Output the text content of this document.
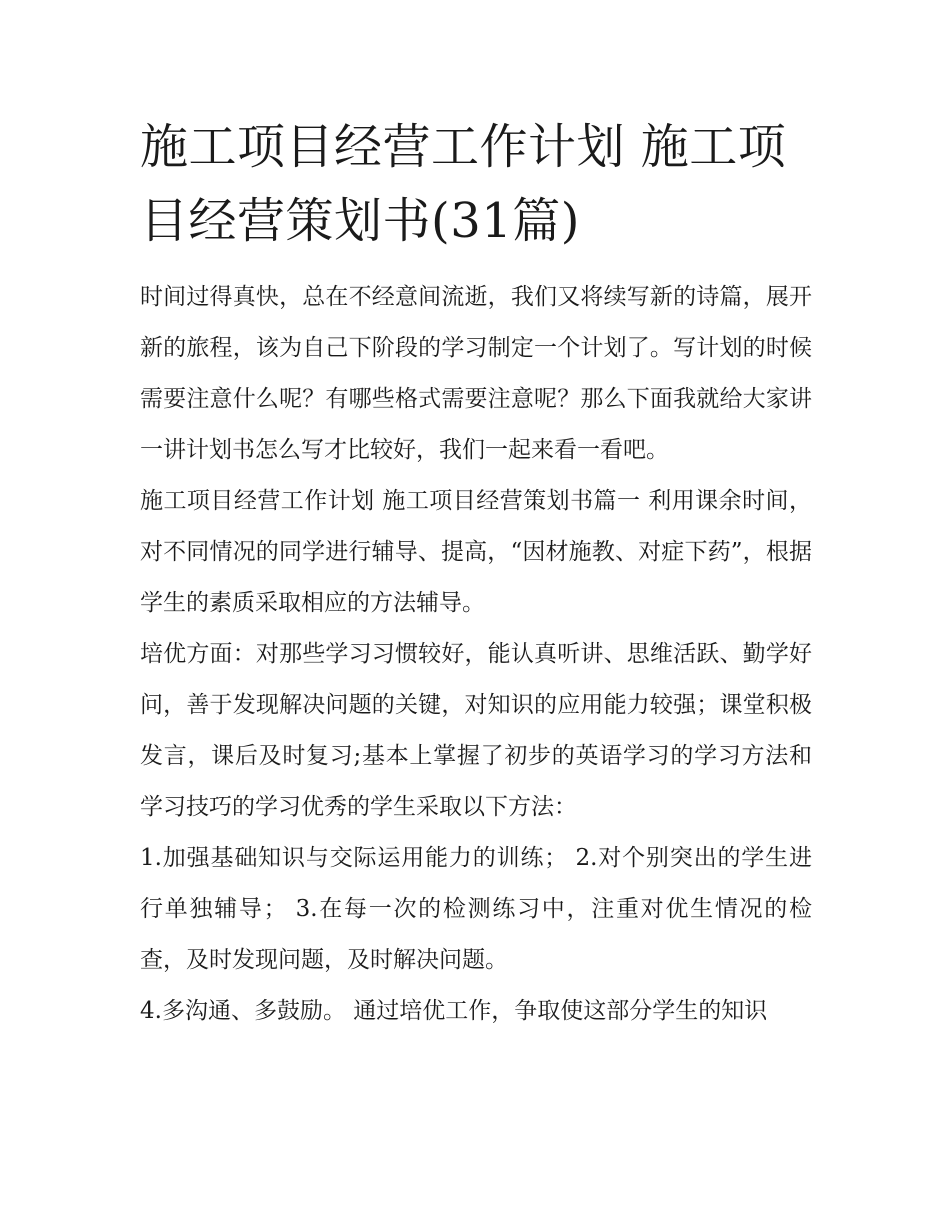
施工项目经营工作计划 施工项目经营策划书(31篇)

时间过得真快，总在不经意间流逝，我们又将续写新的诗篇，展开新的旅程，该为自己下阶段的学习制定一个计划了。写计划的时候需要注意什么呢？有哪些格式需要注意呢？那么下面我就给大家讲一讲计划书怎么写才比较好，我们一起来看一看吧。

施工项目经营工作计划 施工项目经营策划书篇一 利用课余时间，对不同情况的同学进行辅导、提高，“因材施教、对症下药”，根据学生的素质采取相应的方法辅导。

培优方面：对那些学习习惯较好，能认真听讲、思维活跃、勤学好问，善于发现解决问题的关键，对知识的应用能力较强；课堂积极发言，课后及时复习;基本上掌握了初步的英语学习的学习方法和学习技巧的学习优秀的学生采取以下方法：

1.加强基础知识与交际运用能力的训练； 2.对个别突出的学生进行单独辅导； 3.在每一次的检测练习中，注重对优生情况的检查，及时发现问题，及时解决问题。

4.多沟通、多鼓励。 通过培优工作，争取使这部分学生的知识
